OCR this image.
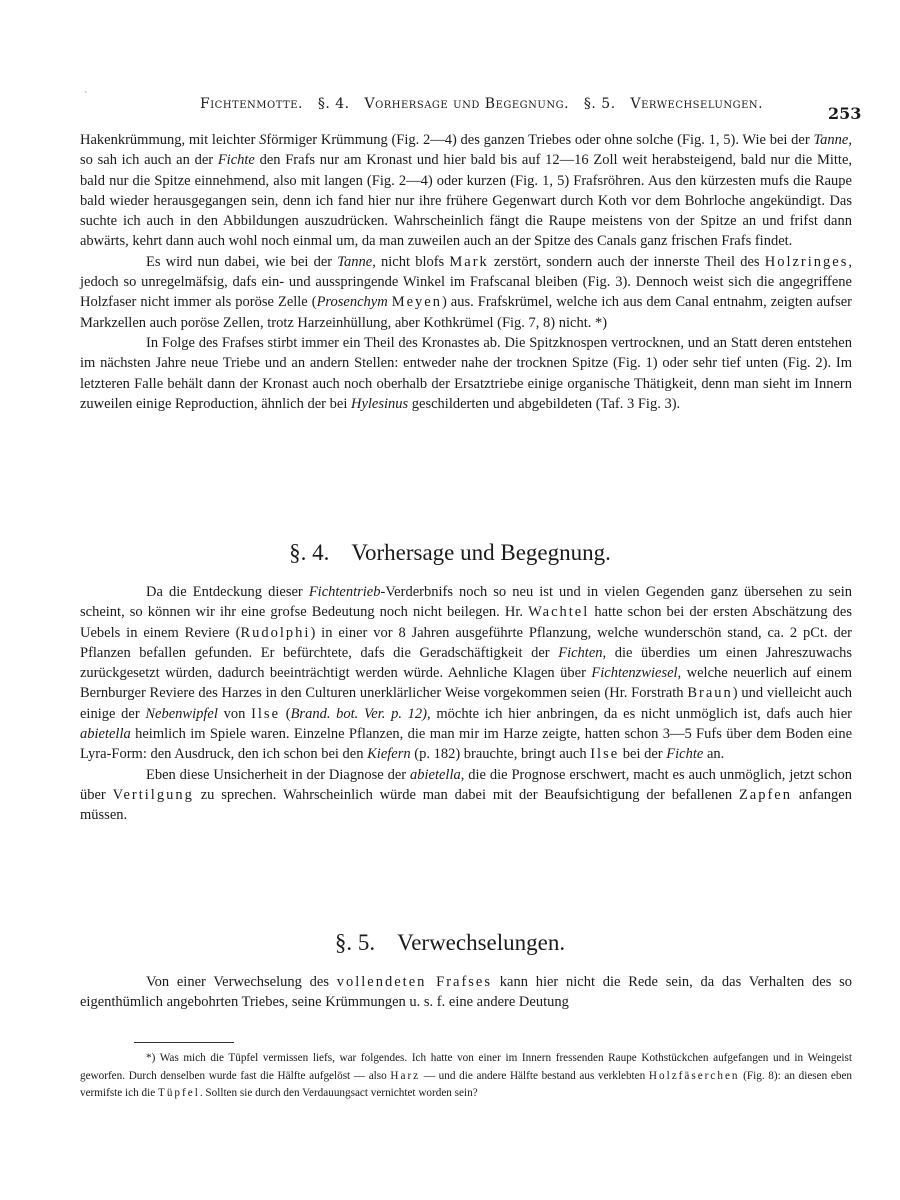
Fichtenmotte. §. 4. Vorhersage und Begegnung. §. 5. Verwechselungen.	253

Hakenkrümmung, mit leichter Sförmiger Krümmung (Fig. 2—4) des ganzen Triebes oder ohne solche (Fig. 1, 5). Wie bei der Tanne, so sah ich auch an der Fichte den Frafs nur am Kronast und hier bald bis auf 12—16 Zoll weit herabsteigend, bald nur die Mitte, bald nur die Spitze einnehmend, also mit langen (Fig. 2—4) oder kurzen (Fig. 1, 5) Frafsröhren. Aus den kürzesten mufs die Raupe bald wieder herausgegangen sein, denn ich fand hier nur ihre frühere Gegenwart durch Koth vor dem Bohrloche angekündigt. Das suchte ich auch in den Abbildungen auszudrücken. Wahrscheinlich fängt die Raupe meistens von der Spitze an und frifst dann abwärts, kehrt dann auch wohl noch einmal um, da man zuweilen auch an der Spitze des Canals ganz frischen Frafs findet.

Es wird nun dabei, wie bei der Tanne, nicht blofs Mark zerstört, sondern auch der innerste Theil des Holzringes, jedoch so unregelmäfsig, dafs ein- und ausspringende Winkel im Frafscanal bleiben (Fig. 3). Dennoch weist sich die angegriffene Holzfaser nicht immer als poröse Zelle (Prosenchym Meyen) aus. Frafskrümel, welche ich aus dem Canal entnahm, zeigten aufser Markzellen auch poröse Zellen, trotz Harzeinhüllung, aber Kothkrümel (Fig. 7, 8) nicht. *)

In Folge des Frafses stirbt immer ein Theil des Kronastes ab. Die Spitzknospen vertrocknen, und an Statt deren entstehen im nächsten Jahre neue Triebe und an andern Stellen: entweder nahe der trocknen Spitze (Fig. 1) oder sehr tief unten (Fig. 2). Im letzteren Falle behält dann der Kronast auch noch oberhalb der Ersatztriebe einige organische Thätigkeit, denn man sieht im Innern zuweilen einige Reproduction, ähnlich der bei Hylesinus geschilderten und abgebildeten (Taf. 3 Fig. 3).

§. 4. Vorhersage und Begegnung.

Da die Entdeckung dieser Fichtentrieb-Verderbnifs noch so neu ist und in vielen Gegenden ganz übersehen zu sein scheint, so können wir ihr eine grofse Bedeutung noch nicht beilegen. Hr. Wachtel hatte schon bei der ersten Abschätzung des Uebels in einem Reviere (Rudolphi) in einer vor 8 Jahren ausgeführte Pflanzung, welche wunderschön stand, ca. 2 pCt. der Pflanzen befallen gefunden. Er befürchtete, dafs die Geradschäftigkeit der Fichten, die überdies um einen Jahreszuwachs zurückgesetzt würden, dadurch beeinträchtigt werden würde. Aehnliche Klagen über Fichtenzwiesel, welche neuerlich auf einem Bernburger Reviere des Harzes in den Culturen unerklärlicher Weise vorgekommen seien (Hr. Forstrath Braun) und vielleicht auch einige der Nebenwipfel von Ilse (Brand. bot. Ver. p. 12), möchte ich hier anbringen, da es nicht unmöglich ist, dafs auch hier abietella heimlich im Spiele waren. Einzelne Pflanzen, die man mir im Harze zeigte, hatten schon 3—5 Fufs über dem Boden eine Lyra-Form: den Ausdruck, den ich schon bei den Kiefern (p. 182) brauchte, bringt auch Ilse bei der Fichte an.

Eben diese Unsicherheit in der Diagnose der abietella, die die Prognose erschwert, macht es auch unmöglich, jetzt schon über Vertilgung zu sprechen. Wahrscheinlich würde man dabei mit der Beaufsichtigung der befallenen Zapfen anfangen müssen.

§. 5. Verwechselungen.

Von einer Verwechselung des vollendeten Frafses kann hier nicht die Rede sein, da das Verhalten des so eigenthümlich angebohrten Triebes, seine Krümmungen u. s. f. eine andere Deutung

*) Was mich die Tüpfel vermissen liefs, war folgendes. Ich hatte von einer im Innern fressenden Raupe Kothstückchen aufgefangen und in Weingeist geworfen. Durch denselben wurde fast die Hälfte aufgelöst — also Harz — und die andere Hälfte bestand aus verklebten Holzfäserchen (Fig. 8): an diesen eben vermifste ich die Tüpfel. Sollten sie durch den Verdauungsact vernichtet worden sein?

`
